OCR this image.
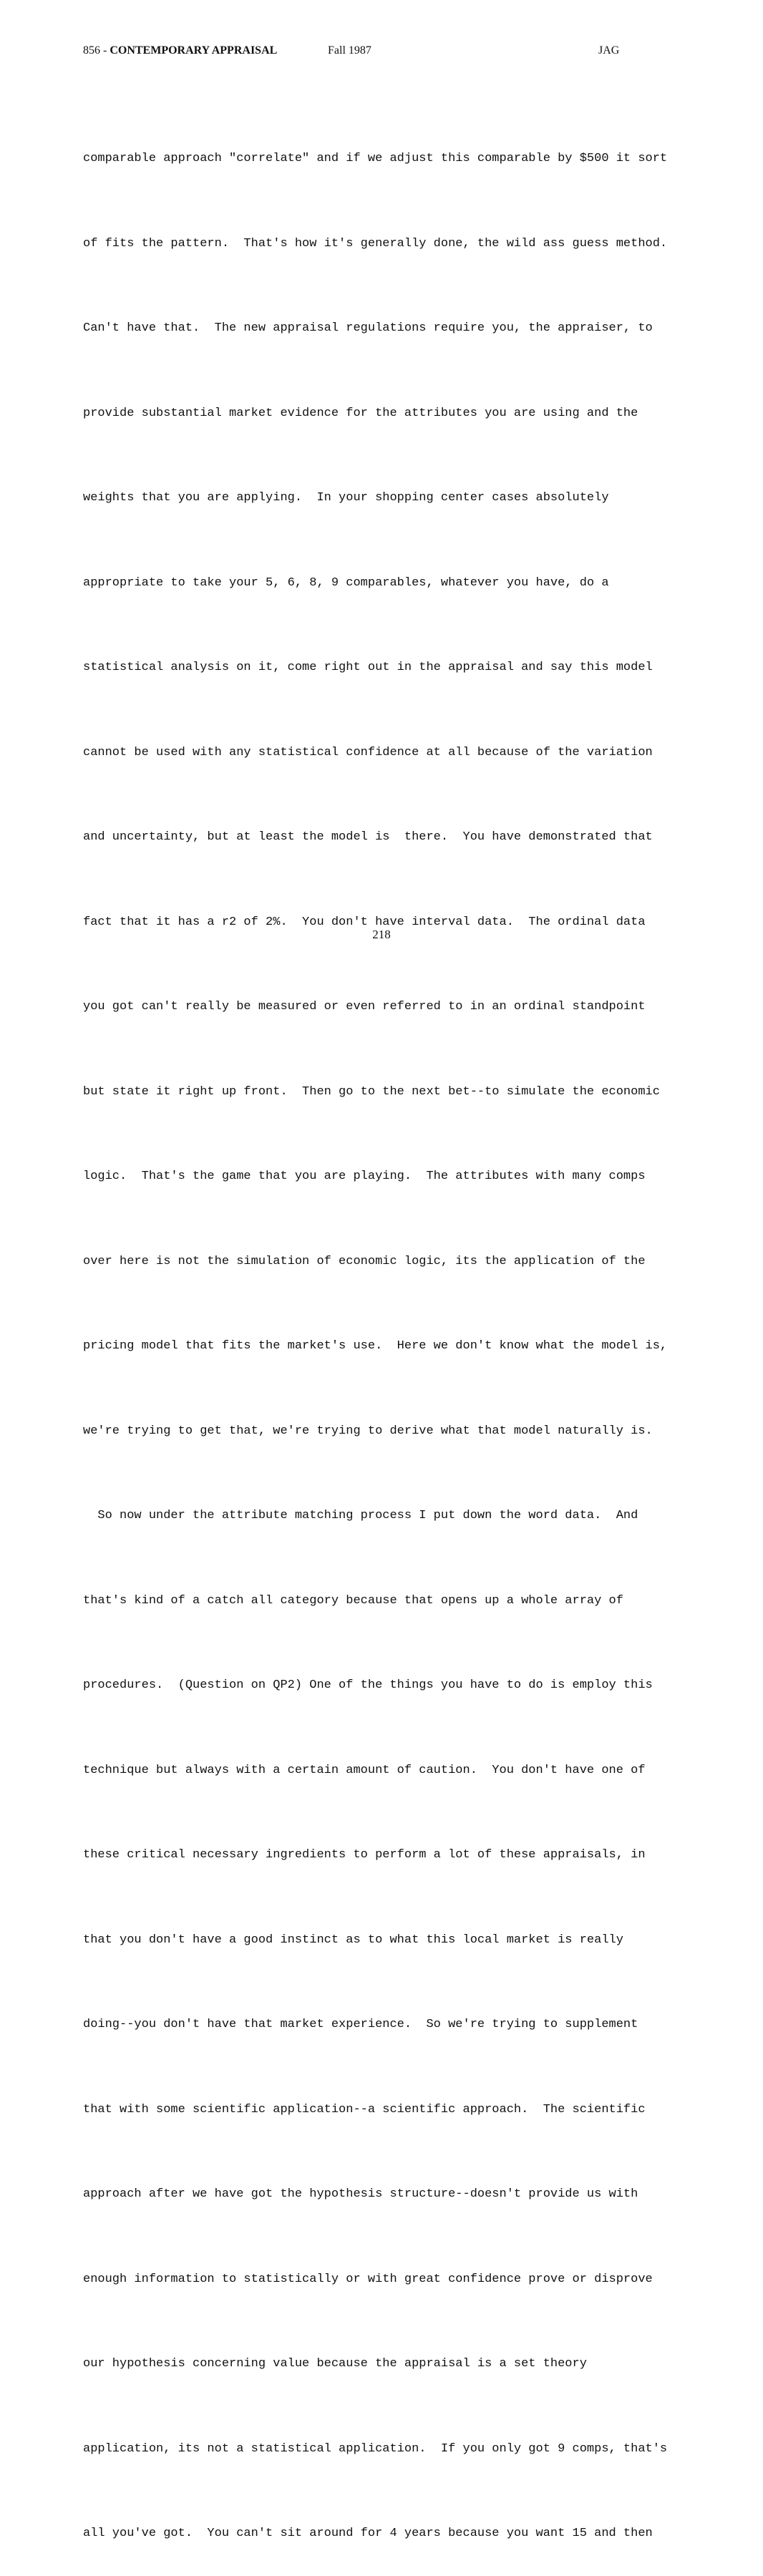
856 - CONTEMPORARY APPRAISAL	Fall 1987	JAG

comparable approach "correlate" and if we adjust this comparable by $500 it sort

of fits the pattern.  That's how it's generally done, the wild ass guess method.

Can't have that.  The new appraisal regulations require you, the appraiser, to

provide substantial market evidence for the attributes you are using and the

weights that you are applying.  In your shopping center cases absolutely

appropriate to take your 5, 6, 8, 9 comparables, whatever you have, do a

statistical analysis on it, come right out in the appraisal and say this model

cannot be used with any statistical confidence at all because of the variation

and uncertainty, but at least the model is  there.  You have demonstrated that

fact that it has a r2 of 2%.  You don't have interval data.  The ordinal data

you got can't really be measured or even referred to in an ordinal standpoint

but state it right up front.  Then go to the next bet--to simulate the economic

logic.  That's the game that you are playing.  The attributes with many comps

over here is not the simulation of economic logic, its the application of the

pricing model that fits the market's use.  Here we don't know what the model is,

we're trying to get that, we're trying to derive what that model naturally is.

So now under the attribute matching process I put down the word data.  And

that's kind of a catch all category because that opens up a whole array of

procedures.  (Question on QP2) One of the things you have to do is employ this

technique but always with a certain amount of caution.  You don't have one of

these critical necessary ingredients to perform a lot of these appraisals, in

that you don't have a good instinct as to what this local market is really

doing--you don't have that market experience.  So we're trying to supplement

that with some scientific application--a scientific approach.  The scientific

approach after we have got the hypothesis structure--doesn't provide us with

enough information to statistically or with great confidence prove or disprove

our hypothesis concerning value because the appraisal is a set theory

application, its not a statistical application.  If you only got 9 comps, that's

all you've got.  You can't sit around for 4 years because you want 15 and then

218
